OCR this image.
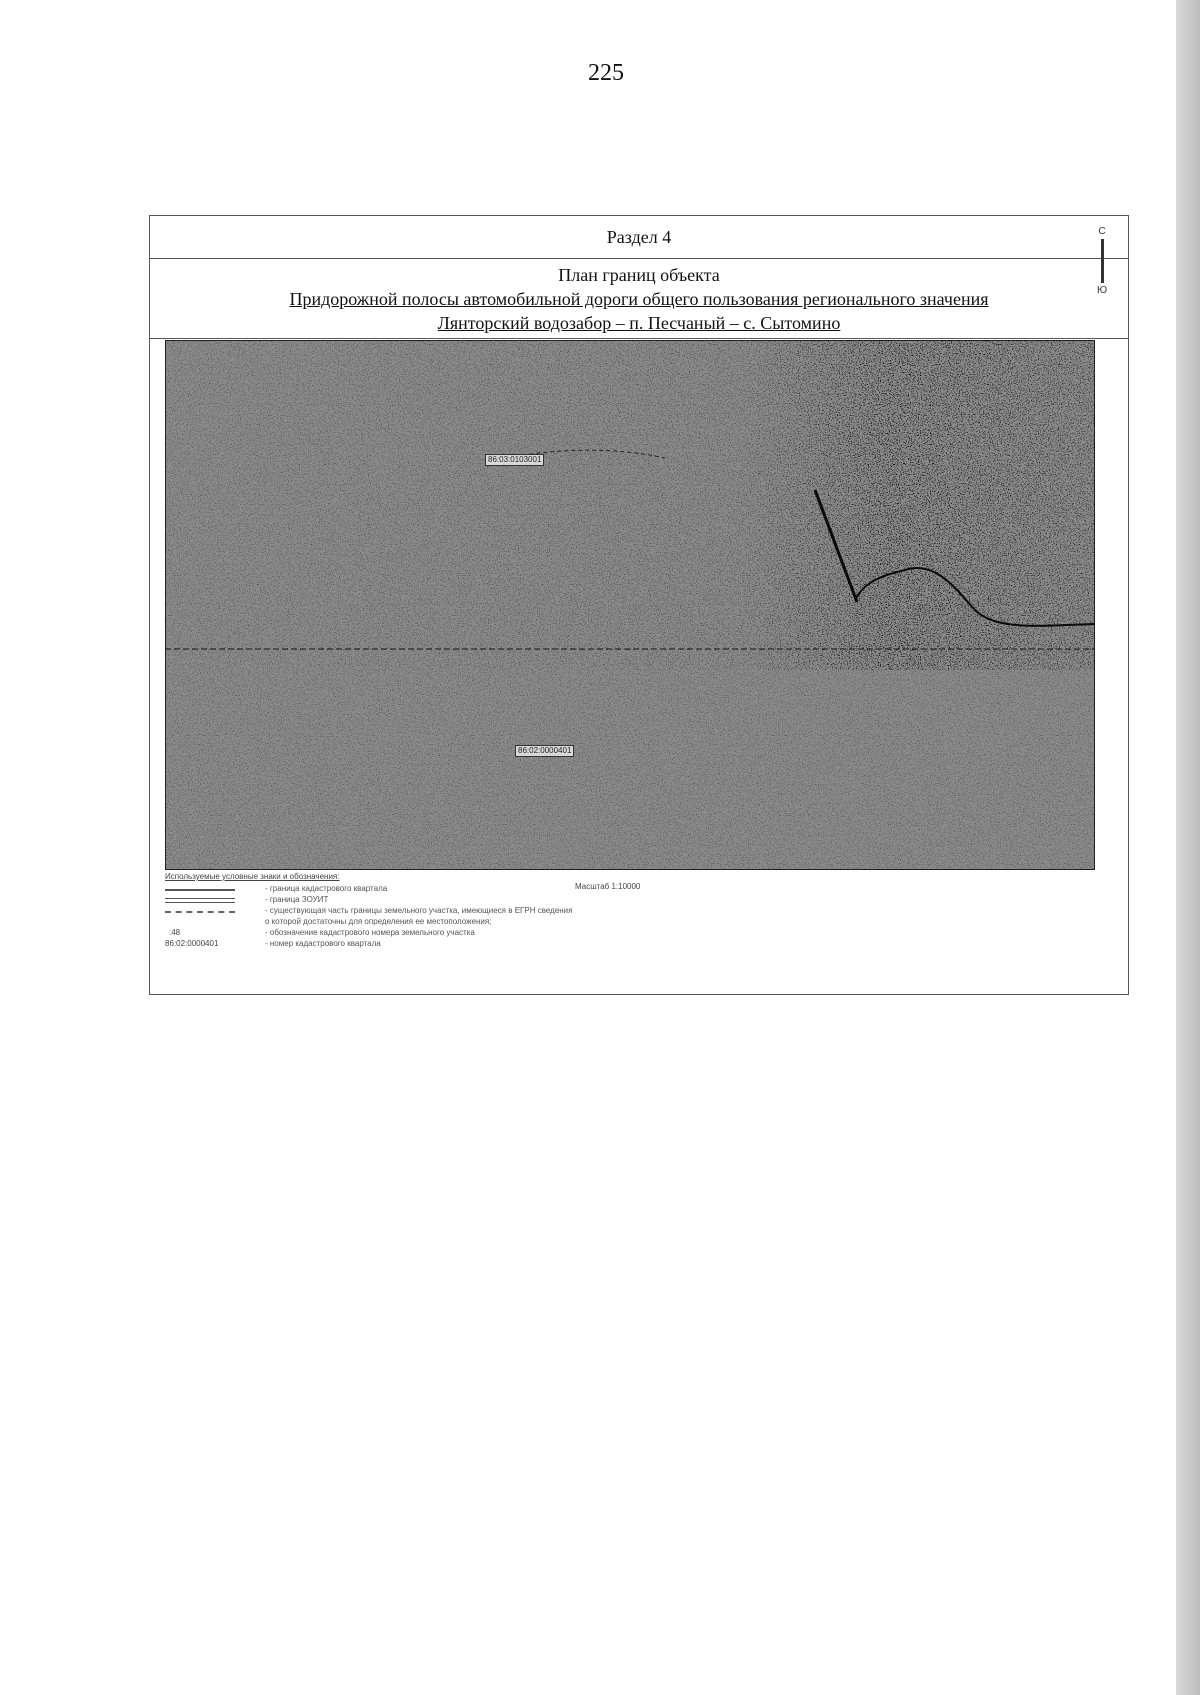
225
Раздел 4
План границ объекта
Придорожной полосы автомобильной дороги общего пользования регионального значения
Лянторский водозабор – п. Песчаный – с. Сытомино
86:03:0103001
86:02:0000401
С
Ю
Используемые условные знаки и обозначения:
Масштаб 1:10000
- граница кадастрового квартала
- граница ЗОУИТ
- существующая часть границы земельного участка, имеющиеся в ЕГРН сведения
о которой достаточны для определения ее местоположения;
:48	- обозначение кадастрового номера земельного участка
86:02:0000401	- номер кадастрового квартала
